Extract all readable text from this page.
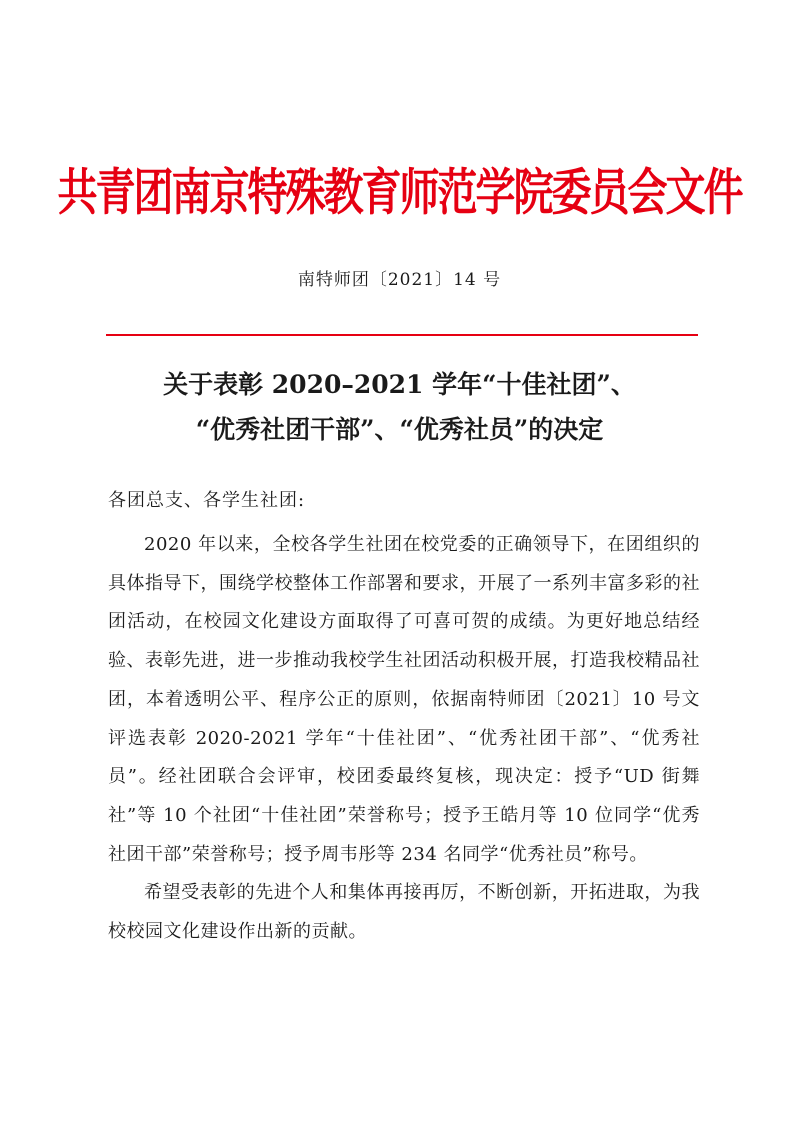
共青团南京特殊教育师范学院委员会文件
南特师团〔2021〕14 号
关于表彰 2020–2021 学年“十佳社团”、
“优秀社团干部”、“优秀社员”的决定
各团总支、各学生社团:

2020 年以来，全校各学生社团在校党委的正确领导下，在团组织的具体指导下，围绕学校整体工作部署和要求，开展了一系列丰富多彩的社团活动，在校园文化建设方面取得了可喜可贺的成绩。为更好地总结经验、表彰先进，进一步推动我校学生社团活动积极开展，打造我校精品社团，本着透明公平、程序公正的原则，依据南特师团〔2021〕10 号文评选表彰 2020-2021 学年“十佳社团”、“优秀社团干部”、“优秀社员”。经社团联合会评审，校团委最终复核，现决定：授予“UD 街舞社”等 10 个社团“十佳社团”荣誉称号；授予王皓月等 10 位同学“优秀社团干部”荣誉称号；授予周韦彤等 234 名同学“优秀社员”称号。

希望受表彰的先进个人和集体再接再厉，不断创新，开拓进取，为我校校园文化建设作出新的贡献。
